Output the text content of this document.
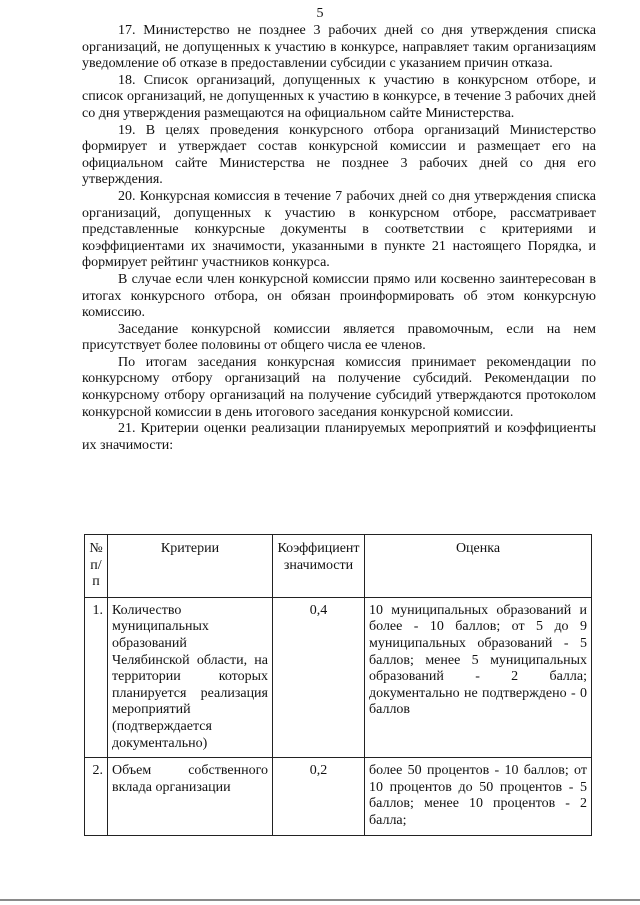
5

17. Министерство не позднее 3 рабочих дней со дня утверждения списка организаций, не допущенных к участию в конкурсе, направляет таким организациям уведомление об отказе в предоставлении субсидии с указанием причин отказа.

18. Список организаций, допущенных к участию в конкурсном отборе, и список организаций, не допущенных к участию в конкурсе, в течение 3 рабочих дней со дня утверждения размещаются на официальном сайте Министерства.

19. В целях проведения конкурсного отбора организаций Министерство формирует и утверждает состав конкурсной комиссии и размещает его на официальном сайте Министерства не позднее 3 рабочих дней со дня его утверждения.

20. Конкурсная комиссия в течение 7 рабочих дней со дня утверждения списка организаций, допущенных к участию в конкурсном отборе, рассматривает представленные конкурсные документы в соответствии с критериями и коэффициентами их значимости, указанными в пункте 21 настоящего Порядка, и формирует рейтинг участников конкурса.

В случае если член конкурсной комиссии прямо или косвенно заинтересован в итогах конкурсного отбора, он обязан проинформировать об этом конкурсную комиссию.

Заседание конкурсной комиссии является правомочным, если на нем присутствует более половины от общего числа ее членов.

По итогам заседания конкурсная комиссия принимает рекомендации по конкурсному отбору организаций на получение субсидий. Рекомендации по конкурсному отбору организаций на получение субсидий утверждаются протоколом конкурсной комиссии в день итогового заседания конкурсной комиссии.

21. Критерии оценки реализации планируемых мероприятий и коэффициенты их значимости:

№ п/п	Критерии	Коэффициент значимости	Оценка
1.	Количество муниципальных образований Челябинской области, на территории которых планируется реализация мероприятий (подтверждается документально)	0,4	10 муниципальных образований и более - 10 баллов; от 5 до 9 муниципальных образований - 5 баллов; менее 5 муниципальных образований - 2 балла; документально не подтверждено - 0 баллов
2.	Объем собственного вклада организации	0,2	более 50 процентов - 10 баллов; от 10 процентов до 50 процентов - 5 баллов; менее 10 процентов - 2 балла;
